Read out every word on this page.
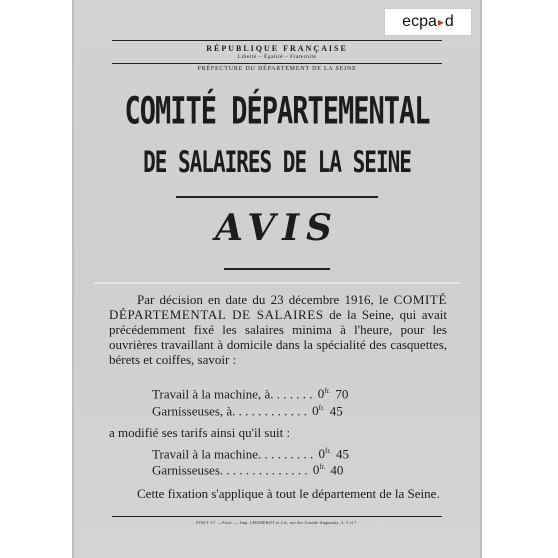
ecpa▸d
RÉPUBLIQUE FRANÇAISE
Liberté – Égalité – Fraternité
PRÉFECTURE DU DÉPARTEMENT DE LA SEINE
COMITÉ DÉPARTEMENTAL
DE SALAIRES DE LA SEINE
AVIS
Par décision en date du 23 décembre 1916, le COMITÉ DÉPARTEMENTAL DE SALAIRES de la Seine, qui avait précédemment fixé les salaires minima à l'heure, pour les ouvrières travaillant à domicile dans la spécialité des casquettes, bérets et coiffes, savoir :
Travail à la machine, à. . . . . . . $0^{fr.}$ 70
Garnisseuses, à. . . . . . . . . . . . $0^{fr.}$ 45
a modifié ses tarifs ainsi qu'il suit :
Travail à la machine. . . . . . . . . $0^{fr.}$ 45
Garnisseuses. . . . . . . . . . . . . . $0^{fr.}$ 40
Cette fixation s'applique à tout le département de la Seine.
9192-1-17. —Paris. — Imp. CHAMEROT et Cie, rue des Grands-Augustins, 3, 5 et 7.
